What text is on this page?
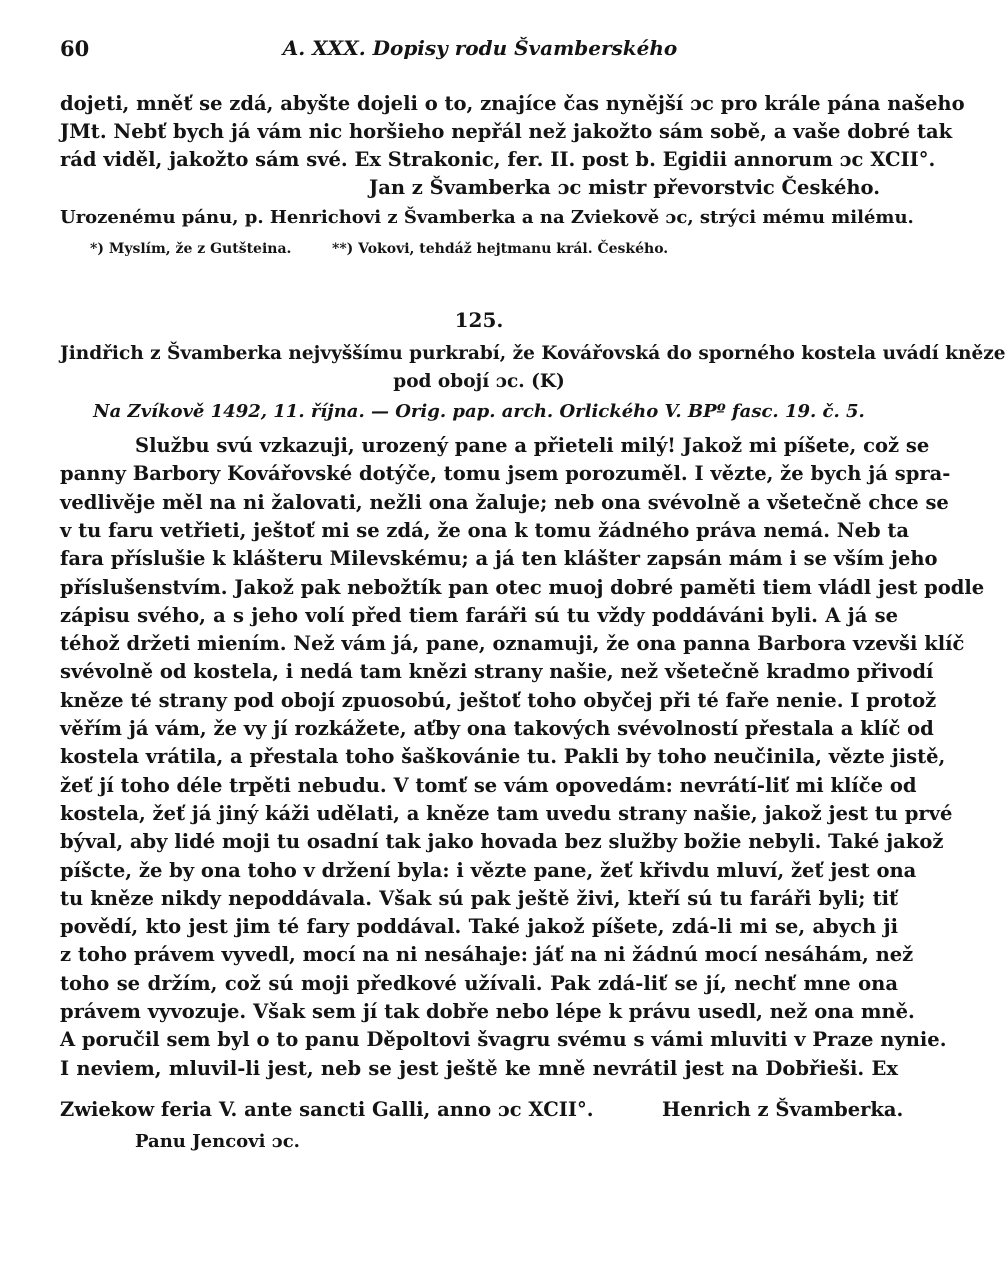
60	A. XXX. Dopisy rodu Švamberského
dojeti, mněť se zdá, abyšte dojeli o to, znajíce čas nynější ɔc pro krále pána našeho
JMt. Nebť bych já vám nic horšieho nepřál než jakožto sám sobě, a vaše dobré tak
rád viděl, jakožto sám své. Ex Strakonic, fer. II. post b. Egidii annorum ɔc XCII°.
Jan z Švamberka ɔc mistr převorstvic Českého.
Urozenému pánu, p. Henrichovi z Švamberka a na Zviekově ɔc, strýci mému milému.
*) Myslím, že z Gutšteina.	**) Vokovi, tehdáž hejtmanu král. Českého.
125.
Jindřich z Švamberka nejvyššímu purkrabí, že Kovářovská do sporného kostela uvádí kněze
pod obojí ɔc. (K)
Na Zvíkově 1492, 11. října. — Orig. pap. arch. Orlického V. BPº fasc. 19. č. 5.
Službu svú vzkazuji, urozený pane a přieteli milý! Jakož mi píšete, což se
panny Barbory Kovářovské dotýče, tomu jsem porozuměl. I vězte, že bych já spra-
vedlivěje měl na ni žalovati, nežli ona žaluje; neb ona svévolně a všetečně chce se
v tu faru vetřieti, ještoť mi se zdá, že ona k tomu žádného práva nemá. Neb ta
fara příslušie k klášteru Milevskému; a já ten klášter zapsán mám i se vším jeho
příslušenstvím. Jakož pak nebožtík pan otec muoj dobré paměti tiem vládl jest podle
zápisu svého, a s jeho volí před tiem faráři sú tu vždy poddáváni byli. A já se
téhož držeti miením. Než vám já, pane, oznamuji, že ona panna Barbora vzevši klíč
svévolně od kostela, i nedá tam knězi strany našie, než všetečně kradmo přivodí
kněze té strany pod obojí zpuosobú, ještoť toho obyčej při té faře nenie. I protož
věřím já vám, že vy jí rozkážete, aťby ona takových svévolností přestala a klíč od
kostela vrátila, a přestala toho šaškovánie tu. Pakli by toho neučinila, vězte jistě,
žeť jí toho déle trpěti nebudu. V tomť se vám opovedám: nevrátí-liť mi klíče od
kostela, žeť já jiný káži udělati, a kněze tam uvedu strany našie, jakož jest tu prvé
býval, aby lidé moji tu osadní tak jako hovada bez služby božie nebyli. Také jakož
píšcte, že by ona toho v držení byla: i vězte pane, žeť křivdu mluví, žeť jest ona
tu kněze nikdy nepoddávala. Však sú pak ještě živi, kteří sú tu faráři byli; tiť
povědí, kto jest jim té fary poddával. Také jakož píšete, zdá-li mi se, abych ji
z toho právem vyvedl, mocí na ni nesáhaje: jáť na ni žádnú mocí nesáhám, než
toho se držím, což sú moji předkové užívali. Pak zdá-liť se jí, nechť mne ona
právem vyvozuje. Však sem jí tak dobře nebo lépe k právu usedl, než ona mně.
A poručil sem byl o to panu Děpoltovi švagru svému s vámi mluviti v Praze nynie.
I neviem, mluvil-li jest, neb se jest ještě ke mně nevrátil jest na Dobřieši. Ex
Zwiekow feria V. ante sancti Galli, anno ɔc XCII°.	Henrich z Švamberka.
Panu Jencovi ɔc.
